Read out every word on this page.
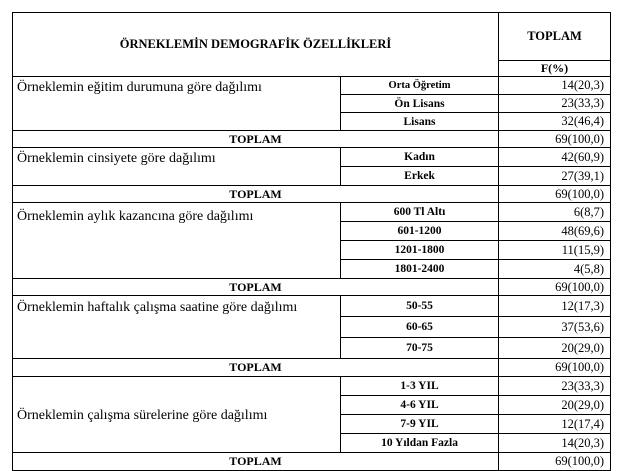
ÖRNEKLEMİN DEMOGRAFİK ÖZELLİKLERİ		TOPLAM
		F(%)
Örneklemin eğitim durumuna göre dağılımı	Orta Öğretim	14(20,3)
	Ön Lisans	23(33,3)
	Lisans	32(46,4)
TOPLAM		69(100,0)
Örneklemin cinsiyete göre dağılımı	Kadın	42(60,9)
	Erkek	27(39,1)
TOPLAM		69(100,0)
Örneklemin aylık kazancına göre dağılımı	600 Tl Altı	6(8,7)
	601-1200	48(69,6)
	1201-1800	11(15,9)
	1801-2400	4(5,8)
TOPLAM		69(100,0)
Örneklemin haftalık çalışma saatine göre dağılımı	50-55	12(17,3)
	60-65	37(53,6)
	70-75	20(29,0)
TOPLAM		69(100,0)
Örneklemin çalışma sürelerine göre dağılımı	1-3 YIL	23(33,3)
	4-6 YIL	20(29,0)
	7-9 YIL	12(17,4)
	10 Yıldan Fazla	14(20,3)
TOPLAM		69(100,0)
